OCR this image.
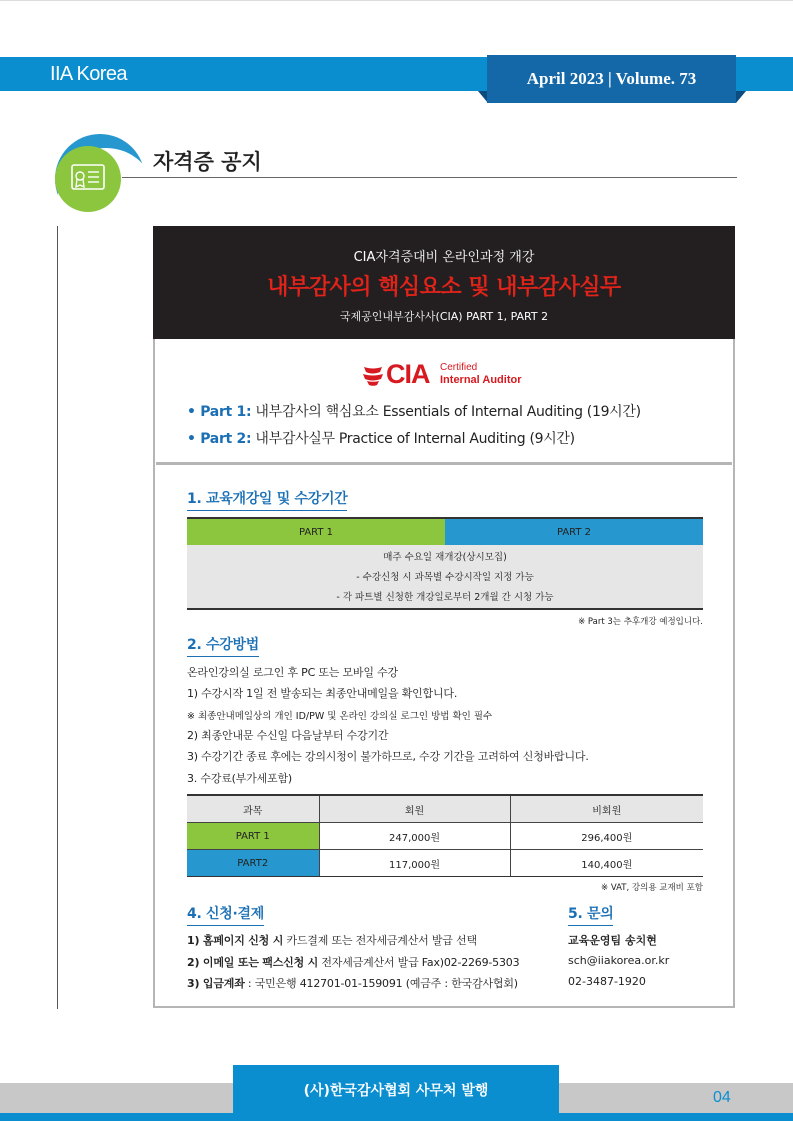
IIA Korea	April 2023 | Volume. 73
자격증 공지
CIA자격증대비 온라인과정 개강
내부감사의 핵심요소 및 내부감사실무
국제공인내부감사사(CIA) PART 1, PART 2
CIA Certified
Internal Auditor
• Part 1: 내부감사의 핵심요소 Essentials of Internal Auditing (19시간)
• Part 2: 내부감사실무 Practice of Internal Auditing (9시간)
1. 교육개강일 및 수강기간
PART 1	PART 2
매주 수요일 재개강(상시모집)
- 수강신청 시 과목별 수강시작일 지정 가능
- 각 파트별 신청한 개강일로부터 2개월 간 시청 가능
※ Part 3는 추후개강 예정입니다.
2. 수강방법
온라인강의실 로그인 후 PC 또는 모바일 수강
1) 수강시작 1일 전 발송되는 최종안내메일을 확인합니다.
※ 최종안내메일상의 개인 ID/PW 및 온라인 강의실 로그인 방법 확인 필수
2) 최종안내문 수신일 다음날부터 수강기간
3) 수강기간 종료 후에는 강의시청이 불가하므로, 수강 기간을 고려하여 신청바랍니다.
3. 수강료(부가세포함)
과목	회원	비회원
PART 1	247,000원	296,400원
PART2	117,000원	140,400원
※ VAT, 강의용 교재비 포함
4. 신청·결제
1) 홈페이지 신청 시 카드결제 또는 전자세금계산서 발급 선택
2) 이메일 또는 팩스신청 시 전자세금계산서 발급 Fax)02-2269-5303
3) 입금계좌 : 국민은행 412701-01-159091 (예금주 : 한국감사협회)
5. 문의
교육운영팀 송치현
sch@iiakorea.or.kr
02-3487-1920
(사)한국감사협회 사무처 발행	04
